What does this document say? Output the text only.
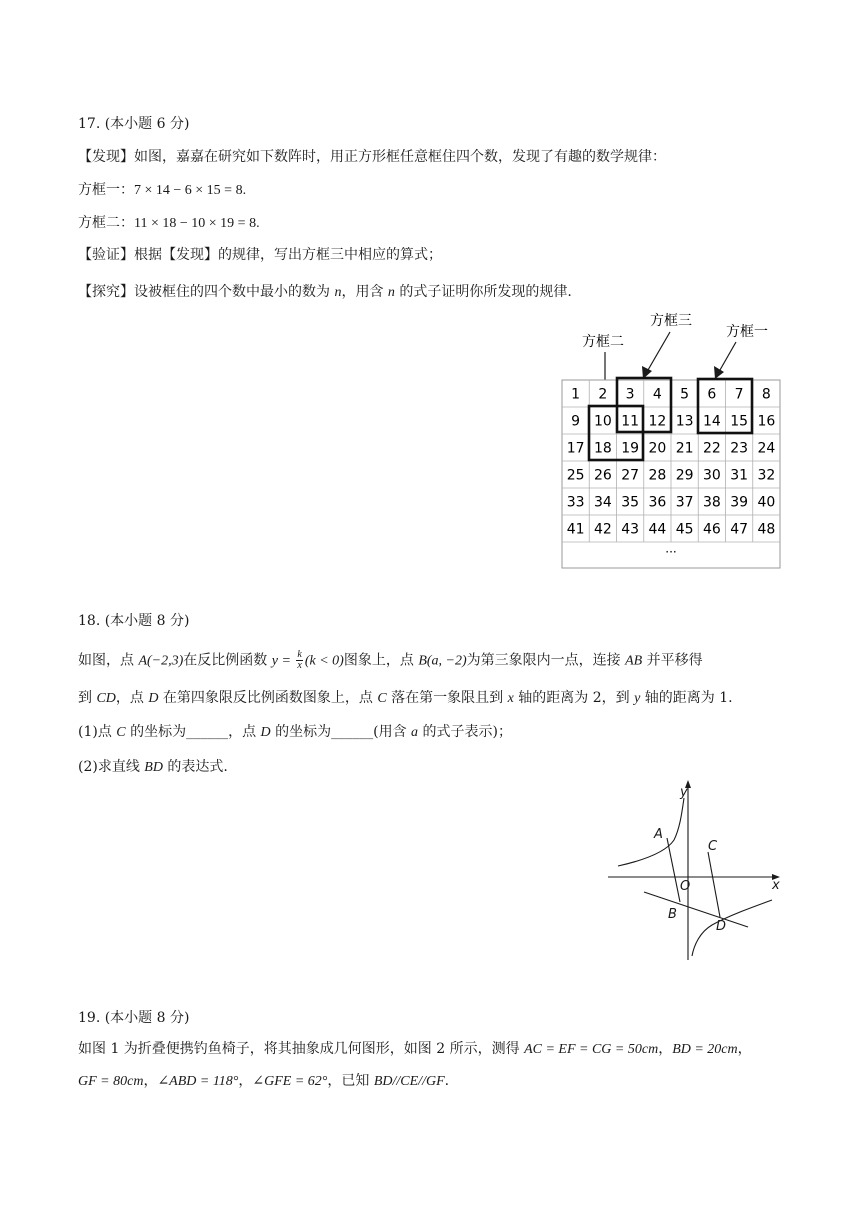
17. (本小题 6 分)
【发现】如图，嘉嘉在研究如下数阵时，用正方形框任意框住四个数，发现了有趣的数学规律：
方框一：7 × 14 − 6 × 15 = 8.
方框二：11 × 18 − 10 × 19 = 8.
【验证】根据【发现】的规律，写出方框三中相应的算式；
【探究】设被框住的四个数中最小的数为 n，用含 n 的式子证明你所发现的规律.
方框二
方框三
方框一
1 2 3 4 5 6 7 8
9 10 11 12 13 14 15 16
17 18 19 20 21 22 23 24
25 26 27 28 29 30 31 32
33 34 35 36 37 38 39 40
41 42 43 44 45 46 47 48
···
18. (本小题 8 分)
如图，点 A(−2,3)在反比例函数 $y = \frac{k}{x} (k < 0)$图象上，点 B(a, −2)为第三象限内一点，连接 AB 并平移得
到 CD，点 D 在第四象限反比例函数图象上，点 C 落在第一象限且到 x 轴的距离为 2，到 y 轴的距离为 1.
(1)点 C 的坐标为______，点 D 的坐标为______(用含 a 的式子表示)；
(2)求直线 BD 的表达式.
x
y
O
A
B
C
D
19. (本小题 8 分)
如图 1 为折叠便携钓鱼椅子，将其抽象成几何图形，如图 2 所示，测得 AC = EF = CG = 50cm，BD = 20cm，
GF = 80cm，∠ABD = 118°，∠GFE = 62°，已知 BD//CE//GF.
